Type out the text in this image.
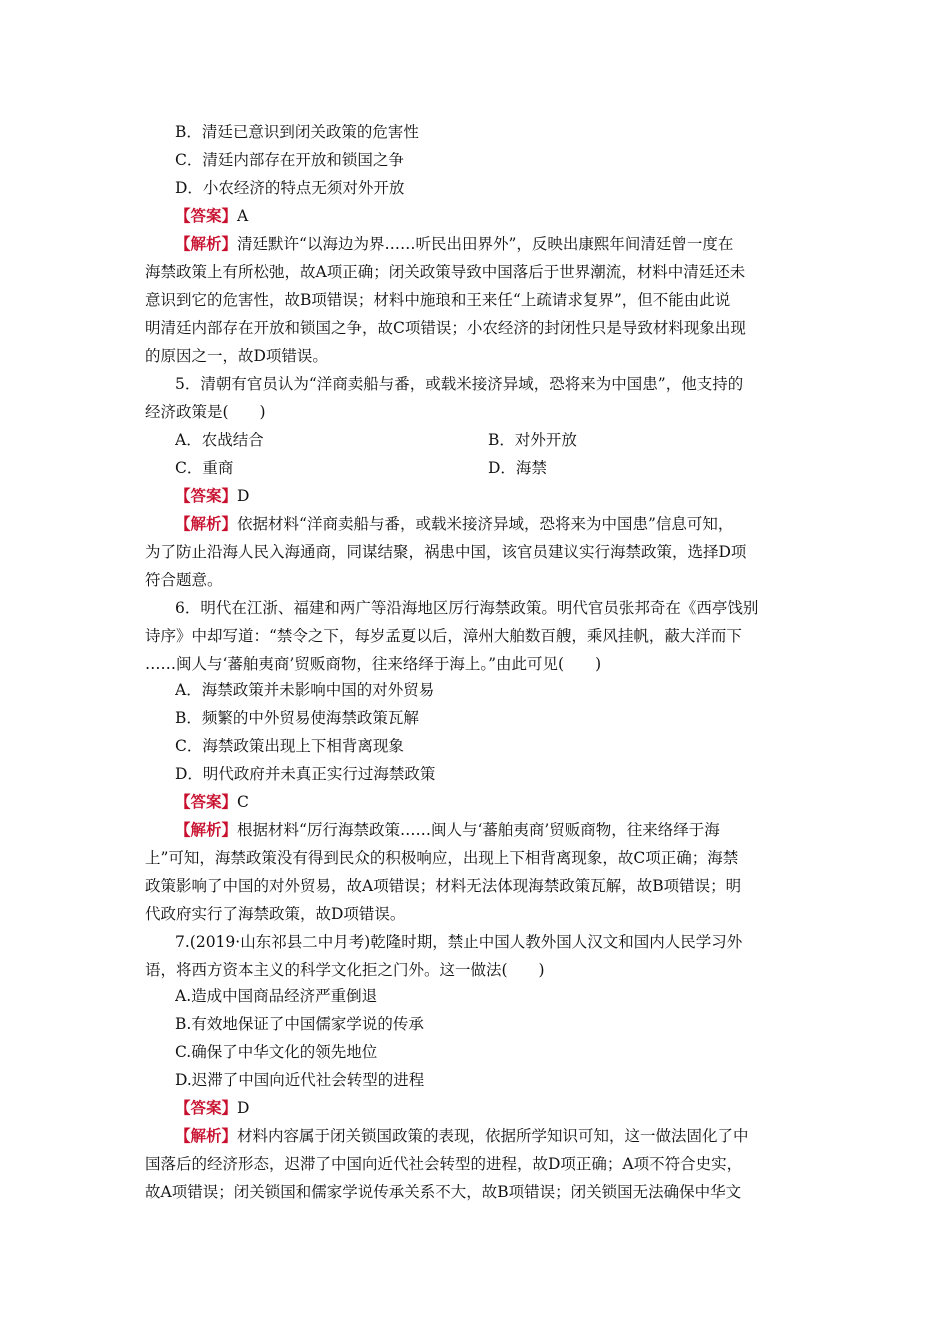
B．清廷已意识到闭关政策的危害性
C．清廷内部存在开放和锁国之争
D．小农经济的特点无须对外开放
【答案】A
【解析】清廷默许“以海边为界……听民出田界外”，反映出康熙年间清廷曾一度在
海禁政策上有所松弛，故A项正确；闭关政策导致中国落后于世界潮流，材料中清廷还未
意识到它的危害性，故B项错误；材料中施琅和王来任“上疏请求复界”，但不能由此说
明清廷内部存在开放和锁国之争，故C项错误；小农经济的封闭性只是导致材料现象出现
的原因之一，故D项错误。
5．清朝有官员认为“洋商卖船与番，或载米接济异域，恐将来为中国患”，他支持的
经济政策是(　　)
A．农战结合	B．对外开放
C．重商	D．海禁
【答案】D
【解析】依据材料“洋商卖船与番，或载米接济异域，恐将来为中国患”信息可知，
为了防止沿海人民入海通商，同谋结聚，祸患中国，该官员建议实行海禁政策，选择D项
符合题意。
6．明代在江浙、福建和两广等沿海地区厉行海禁政策。明代官员张邦奇在《西亭饯别
诗序》中却写道：“禁令之下，每岁孟夏以后，漳州大舶数百艘，乘风挂帆，蔽大洋而下
……闽人与‘蕃舶夷商’贸贩商物，往来络绎于海上。”由此可见(　　)
A．海禁政策并未影响中国的对外贸易
B．频繁的中外贸易使海禁政策瓦解
C．海禁政策出现上下相背离现象
D．明代政府并未真正实行过海禁政策
【答案】C
【解析】根据材料“厉行海禁政策……闽人与‘蕃舶夷商’贸贩商物，往来络绎于海
上”可知，海禁政策没有得到民众的积极响应，出现上下相背离现象，故C项正确；海禁
政策影响了中国的对外贸易，故A项错误；材料无法体现海禁政策瓦解，故B项错误；明
代政府实行了海禁政策，故D项错误。
7.(2019·山东祁县二中月考)乾隆时期，禁止中国人教外国人汉文和国内人民学习外
语，将西方资本主义的科学文化拒之门外。这一做法(　　)
A.造成中国商品经济严重倒退
B.有效地保证了中国儒家学说的传承
C.确保了中华文化的领先地位
D.迟滞了中国向近代社会转型的进程
【答案】D
【解析】材料内容属于闭关锁国政策的表现，依据所学知识可知，这一做法固化了中
国落后的经济形态，迟滞了中国向近代社会转型的进程，故D项正确；A项不符合史实，
故A项错误；闭关锁国和儒家学说传承关系不大，故B项错误；闭关锁国无法确保中华文
